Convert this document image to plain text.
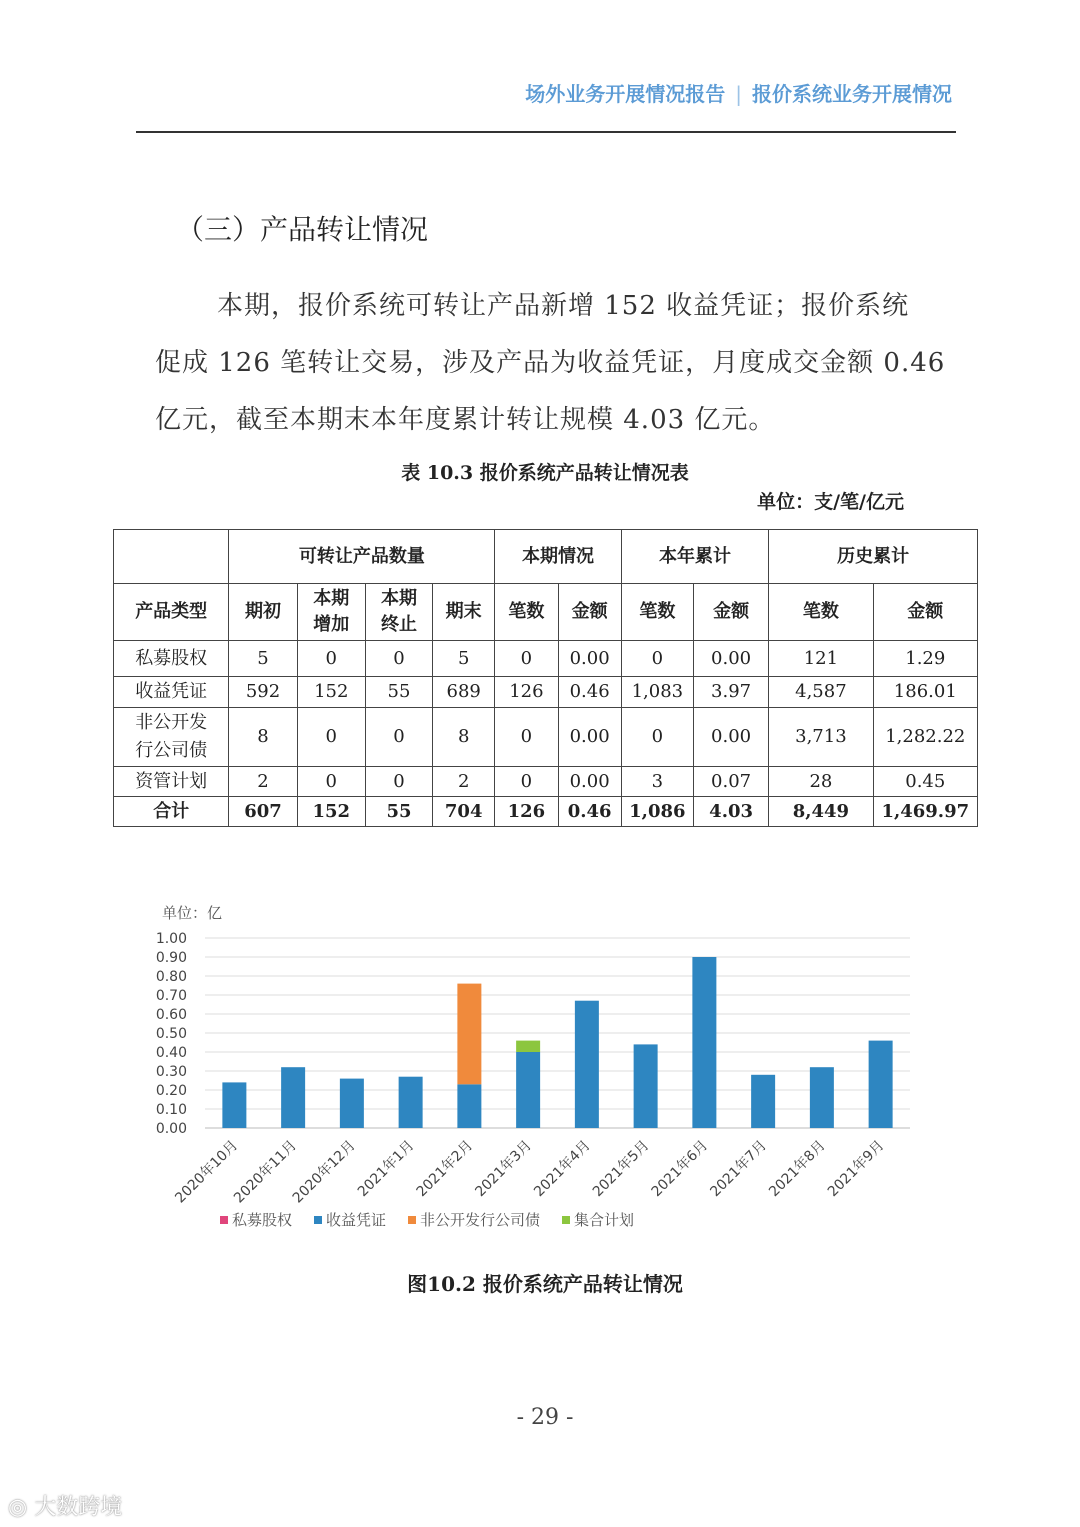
场外业务开展情况报告 | 报价系统业务开展情况
（三）产品转让情况

本期，报价系统可转让产品新增 152 收益凭证；报价系统

促成 126 笔转让交易，涉及产品为收益凭证，月度成交金额 0.46

亿元，截至本期末本年度累计转让规模 4.03 亿元。

表 10.3 报价系统产品转让情况表
单位：支/笔/亿元
	可转让产品数量				本期情况		本年累计		历史累计	
产品类型	期初	本期增加	本期终止	期末	笔数	金额	笔数	金额	笔数	金额
私募股权	5	0	0	5	0	0.00	0	0.00	121	1.29
收益凭证	592	152	55	689	126	0.46	1,083	3.97	4,587	186.01
非公开发行公司债	8	0	0	8	0	0.00	0	0.00	3,713	1,282.22
资管计划	2	0	0	2	0	0.00	3	0.07	28	0.45
合计	607	152	55	704	126	0.46	1,086	4.03	8,449	1,469.97
单位：亿
0.00
0.10
0.20
0.30
0.40
0.50
0.60
0.70
0.80
0.90
1.00
2020年10月
2020年11月
2020年12月
2021年1月
2021年2月
2021年3月
2021年4月
2021年5月
2021年6月
2021年7月
2021年8月
2021年9月
私募股权 收益凭证 非公开发行公司债 集合计划
图10.2 报价系统产品转让情况
- 29 -
◎ 大数跨境
